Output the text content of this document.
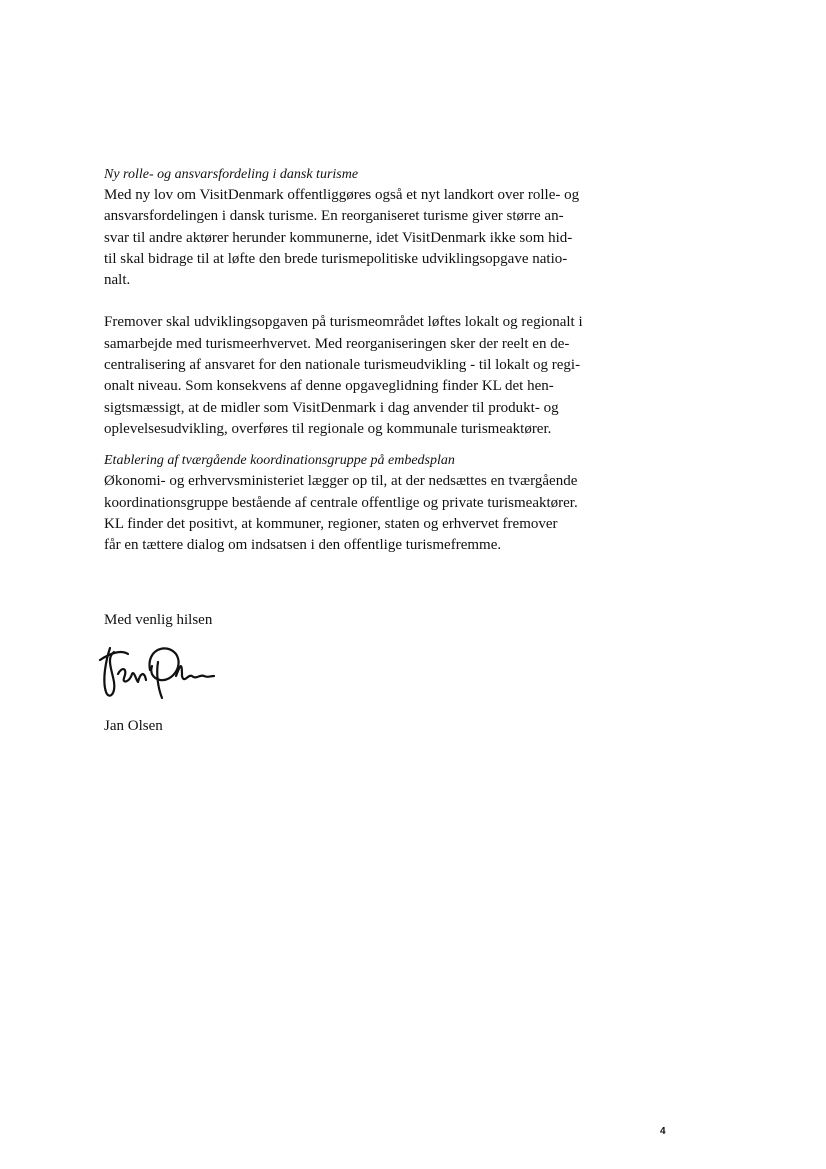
Ny rolle- og ansvarsfordeling i dansk turisme

Med ny lov om VisitDenmark offentliggøres også et nyt landkort over rolle- og
ansvarsfordelingen i dansk turisme. En reorganiseret turisme giver større an-
svar til andre aktører herunder kommunerne, idet VisitDenmark ikke som hid-
til skal bidrage til at løfte den brede turismepolitiske udviklingsopgave natio-
nalt.
Fremover skal udviklingsopgaven på turismeområdet løftes lokalt og regionalt i
samarbejde med turismeerhvervet. Med reorganiseringen sker der reelt en de-
centralisering af ansvaret for den nationale turismeudvikling - til lokalt og regi-
onalt niveau. Som konsekvens af denne opgaveglidning finder KL det hen-
sigtsmæssigt, at de midler som VisitDenmark i dag anvender til produkt- og
oplevelsesudvikling, overføres til regionale og kommunale turismeaktører.

Etablering af tværgående koordinationsgruppe på embedsplan

Økonomi- og erhvervsministeriet lægger op til, at der nedsættes en tværgående
koordinationsgruppe bestående af centrale offentlige og private turismeaktører.
KL finder det positivt, at kommuner, regioner, staten og erhvervet fremover
får en tættere dialog om indsatsen i den offentlige turismefremme.
Med venlig hilsen
Jan Olsen
4
